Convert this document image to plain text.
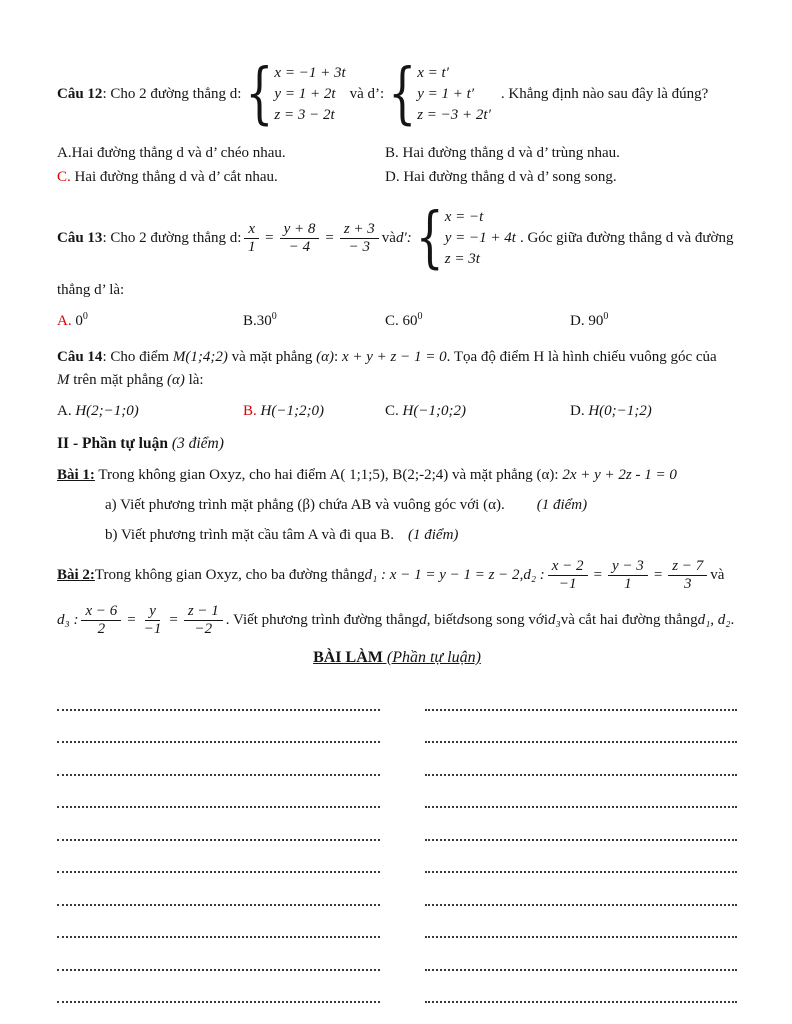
Câu 12: Cho 2 đường thẳng d: { x = −1 + 3t
y = 1 + 2t
z = 3 − 2t
và d’: { x = t′
y = 1 + t′
z = −3 + 2t′
. Khẳng định nào sau đây là đúng?
A.Hai đường thẳng d và d’ chéo nhau.	B. Hai đường thẳng d và d’ trùng nhau.
C. Hai đường thẳng d và d’ cắt nhau.	D. Hai đường thẳng d và d’ song song.
Câu 13: Cho 2 đường thẳng d: $\frac{x}{1} = \frac{y + 8}{- 4} = \frac{z + 3}{- 3}$ và d′: { x = −t
y = −1 + 4t
z = 3t
. Góc giữa đường thẳng d và đường
thẳng d’ là:
A. $0^0$	$B.30^0$	C. $60^0$	D. $90^0$
Câu 14: Cho điểm M(1;4;2) và mặt phẳng (α): x + y + z − 1 = 0. Tọa độ điểm H là hình chiếu vuông góc của
M trên mặt phẳng (α) là:
A. H(2;−1;0)	B. H(−1;2;0)	C. H(−1;0;2)	D. H(0;−1;2)
II - Phần tự luận (3 điểm)
Bài 1: Trong không gian Oxyz, cho hai điểm A( 1;1;5), B(2;-2;4) và mặt phẳng (α): 2x + y + 2z - 1 = 0
a) Viết phương trình mặt phẳng (β) chứa AB và vuông góc với (α). (1 điểm)
b) Viết phương trình mặt cầu tâm A và đi qua B. (1 điểm)
Bài 2: Trong không gian Oxyz, cho ba đường thẳng d₁ : x − 1 = y − 1 = z − 2 , d₂ : $\frac{x - 2}{-1} = \frac{y - 3}{1} = \frac{z - 7}{3}$ và
d₃ : $\frac{x - 6}{2} = \frac{y}{-1} = \frac{z - 1}{-2}$ . Viết phương trình đường thẳng d , biết d song song với d₃ và cắt hai đường thẳng d₁, d₂ .
BÀI LÀM (Phần tự luận)
